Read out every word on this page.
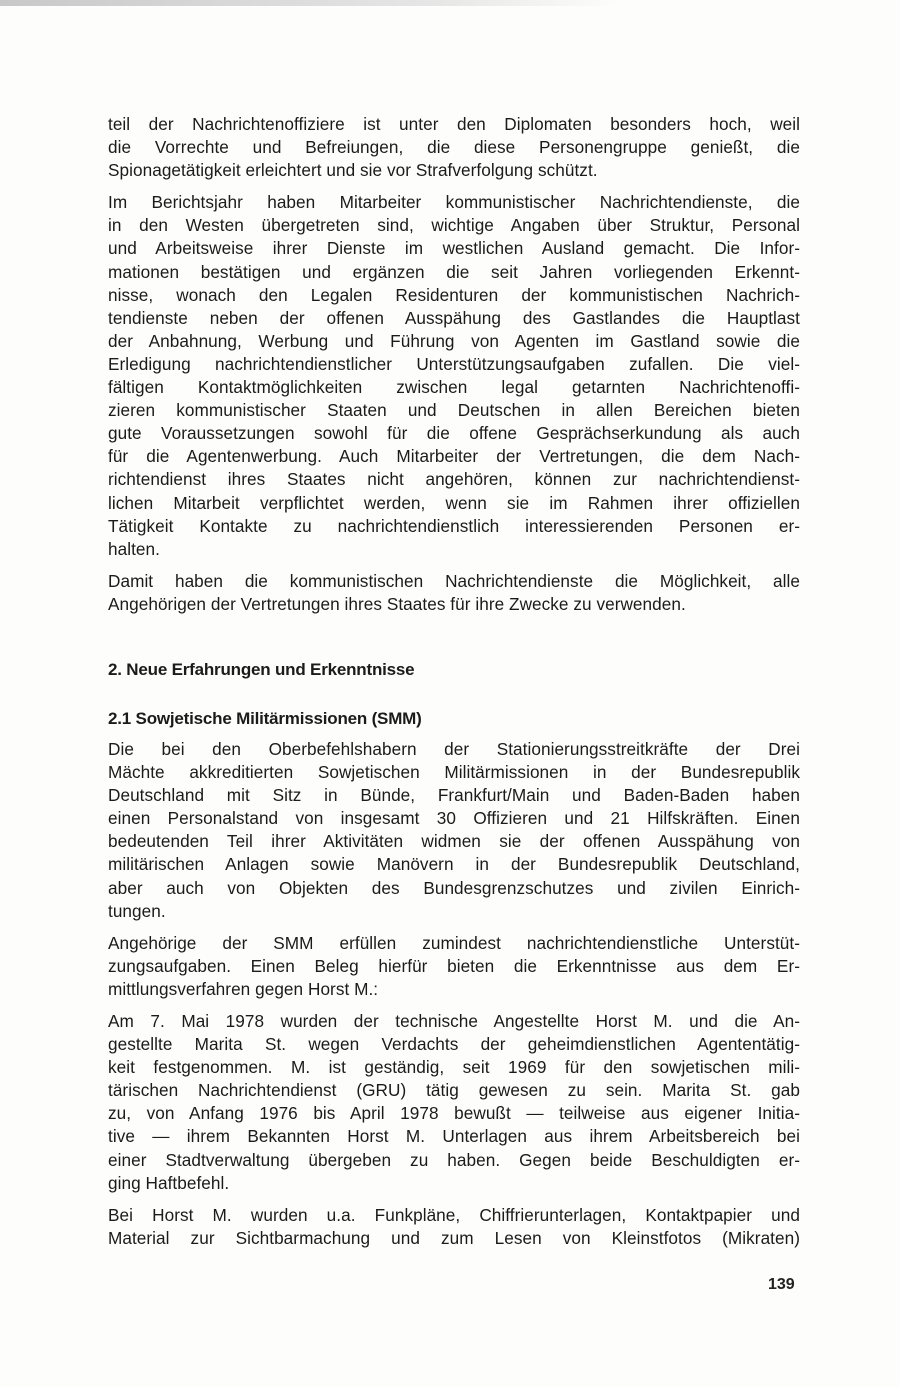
teil der Nachrichtenoffiziere ist unter den Diplomaten besonders hoch, weil
die Vorrechte und Befreiungen, die diese Personengruppe genießt, die
Spionagetätigkeit erleichtert und sie vor Strafverfolgung schützt.

Im Berichtsjahr haben Mitarbeiter kommunistischer Nachrichtendienste, die
in den Westen übergetreten sind, wichtige Angaben über Struktur, Personal
und Arbeitsweise ihrer Dienste im westlichen Ausland gemacht. Die Infor-
mationen bestätigen und ergänzen die seit Jahren vorliegenden Erkennt-
nisse, wonach den Legalen Residenturen der kommunistischen Nachrich-
tendienste neben der offenen Ausspähung des Gastlandes die Hauptlast
der Anbahnung, Werbung und Führung von Agenten im Gastland sowie die
Erledigung nachrichtendienstlicher Unterstützungsaufgaben zufallen. Die viel-
fältigen Kontaktmöglichkeiten zwischen legal getarnten Nachrichtenoffi-
zieren kommunistischer Staaten und Deutschen in allen Bereichen bieten
gute Voraussetzungen sowohl für die offene Gesprächserkundung als auch
für die Agentenwerbung. Auch Mitarbeiter der Vertretungen, die dem Nach-
richtendienst ihres Staates nicht angehören, können zur nachrichtendienst-
lichen Mitarbeit verpflichtet werden, wenn sie im Rahmen ihrer offiziellen
Tätigkeit Kontakte zu nachrichtendienstlich interessierenden Personen er-
halten.

Damit haben die kommunistischen Nachrichtendienste die Möglichkeit, alle
Angehörigen der Vertretungen ihres Staates für ihre Zwecke zu verwenden.

2. Neue Erfahrungen und Erkenntnisse
2.1 Sowjetische Militärmissionen (SMM)

Die bei den Oberbefehlshabern der Stationierungsstreitkräfte der Drei
Mächte akkreditierten Sowjetischen Militärmissionen in der Bundesrepublik
Deutschland mit Sitz in Bünde, Frankfurt/Main und Baden-Baden haben
einen Personalstand von insgesamt 30 Offizieren und 21 Hilfskräften. Einen
bedeutenden Teil ihrer Aktivitäten widmen sie der offenen Ausspähung von
militärischen Anlagen sowie Manövern in der Bundesrepublik Deutschland,
aber auch von Objekten des Bundesgrenzschutzes und zivilen Einrich-
tungen.

Angehörige der SMM erfüllen zumindest nachrichtendienstliche Unterstüt-
zungsaufgaben. Einen Beleg hierfür bieten die Erkenntnisse aus dem Er-
mittlungsverfahren gegen Horst M.:

Am 7. Mai 1978 wurden der technische Angestellte Horst M. und die An-
gestellte Marita St. wegen Verdachts der geheimdienstlichen Agententätig-
keit festgenommen. M. ist geständig, seit 1969 für den sowjetischen mili-
tärischen Nachrichtendienst (GRU) tätig gewesen zu sein. Marita St. gab
zu, von Anfang 1976 bis April 1978 bewußt — teilweise aus eigener Initia-
tive — ihrem Bekannten Horst M. Unterlagen aus ihrem Arbeitsbereich bei
einer Stadtverwaltung übergeben zu haben. Gegen beide Beschuldigten er-
ging Haftbefehl.

Bei Horst M. wurden u.a. Funkpläne, Chiffrierunterlagen, Kontaktpapier und
Material zur Sichtbarmachung und zum Lesen von Kleinstfotos (Mikraten)

139
